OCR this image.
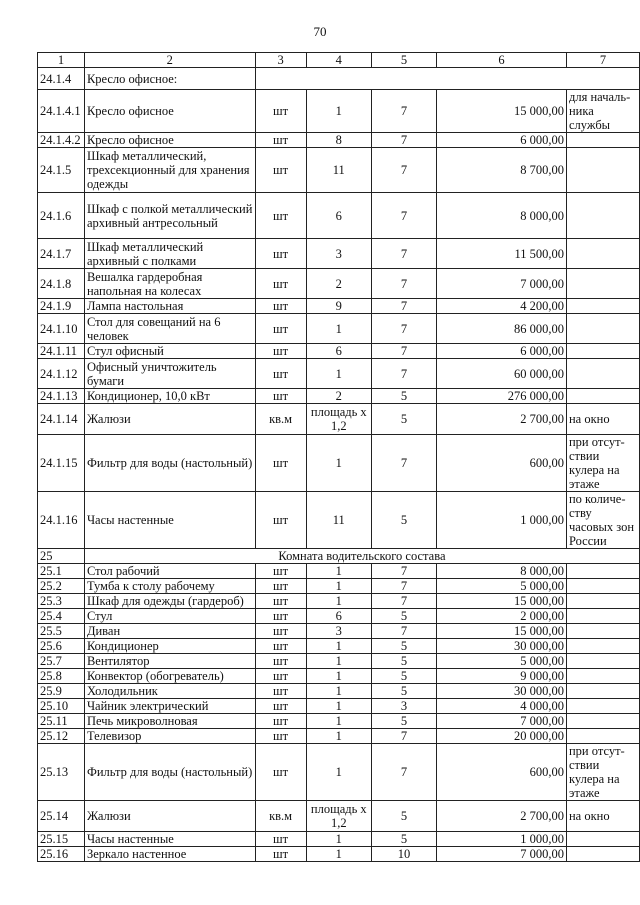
70
1	2	3	4	5	6	7
24.1.4	Кресло офисное:					
24.1.4.1	Кресло офисное	шт	1	7	15 000,00	для началь-ника службы
24.1.4.2	Кресло офисное	шт	8	7	6 000,00	
24.1.5	Шкаф металлический, трехсекционный для хранения одежды	шт	11	7	8 700,00	
24.1.6	Шкаф с полкой металлический архивный антресольный	шт	6	7	8 000,00	
24.1.7	Шкаф металлический архивный с полками	шт	3	7	11 500,00	
24.1.8	Вешалка гардеробная напольная на колесах	шт	2	7	7 000,00	
24.1.9	Лампа настольная	шт	9	7	4 200,00	
24.1.10	Стол для совещаний на 6 человек	шт	1	7	86 000,00	
24.1.11	Стул офисный	шт	6	7	6 000,00	
24.1.12	Офисный уничтожитель бумаги	шт	1	7	60 000,00	
24.1.13	Кондиционер, 10,0 кВт	шт	2	5	276 000,00	
24.1.14	Жалюзи	кв.м	площадь х 1,2	5	2 700,00	на окно
24.1.15	Фильтр для воды (настольный)	шт	1	7	600,00	при отсут-ствии кулера на этаже
24.1.16	Часы настенные	шт	11	5	1 000,00	по количе-ству часовых зон России
25	Комната водительского состава					
25.1	Стол рабочий	шт	1	7	8 000,00	
25.2	Тумба к столу рабочему	шт	1	7	5 000,00	
25.3	Шкаф для одежды (гардероб)	шт	1	7	15 000,00	
25.4	Стул	шт	6	5	2 000,00	
25.5	Диван	шт	3	7	15 000,00	
25.6	Кондиционер	шт	1	5	30 000,00	
25.7	Вентилятор	шт	1	5	5 000,00	
25.8	Конвектор (обогреватель)	шт	1	5	9 000,00	
25.9	Холодильник	шт	1	5	30 000,00	
25.10	Чайник электрический	шт	1	3	4 000,00	
25.11	Печь микроволновая	шт	1	5	7 000,00	
25.12	Телевизор	шт	1	7	20 000,00	
25.13	Фильтр для воды (настольный)	шт	1	7	600,00	при отсут-ствии кулера на этаже
25.14	Жалюзи	кв.м	площадь х 1,2	5	2 700,00	на окно
25.15	Часы настенные	шт	1	5	1 000,00	
25.16	Зеркало настенное	шт	1	10	7 000,00	
